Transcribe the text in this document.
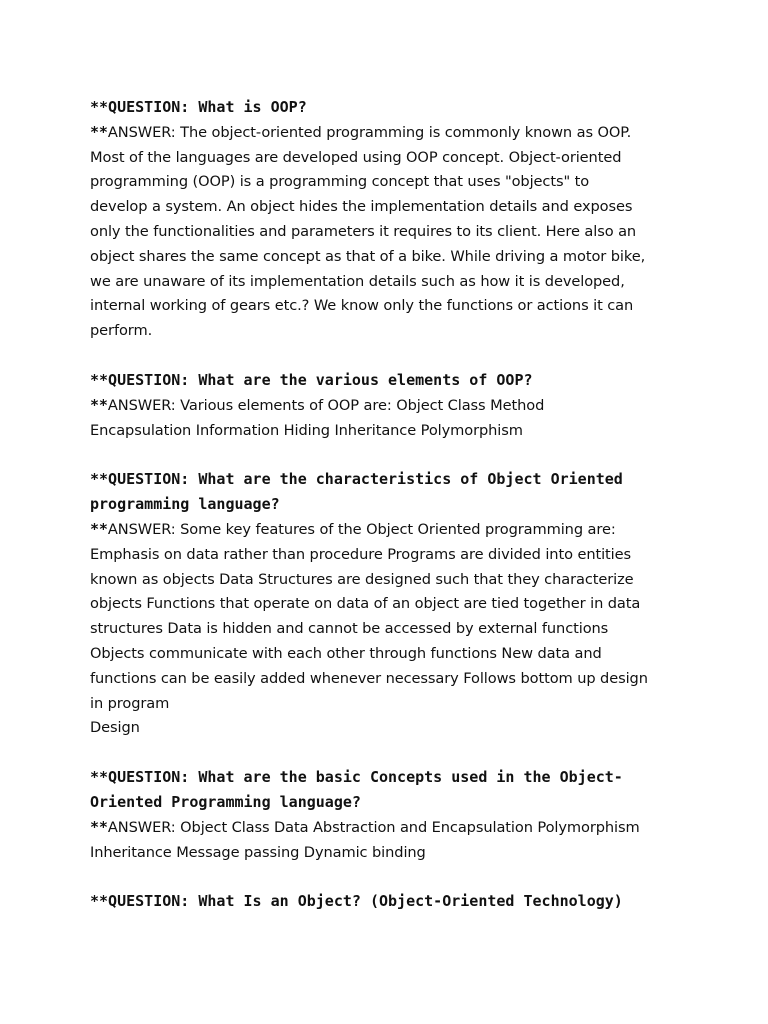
**QUESTION: What is OOP?

**ANSWER: The object-oriented programming is commonly known as OOP.
Most of the languages are developed using OOP concept. Object-oriented
programming (OOP) is a programming concept that uses "objects" to
develop a system. An object hides the implementation details and exposes
only the functionalities and parameters it requires to its client. Here also an
object shares the same concept as that of a bike. While driving a motor bike,
we are unaware of its implementation details such as how it is developed,
internal working of gears etc.? We know only the functions or actions it can
perform.

**QUESTION: What are the various elements of OOP?

**ANSWER: Various elements of OOP are: Object Class Method
Encapsulation Information Hiding Inheritance Polymorphism

**QUESTION: What are the characteristics of Object Oriented
programming language?

**ANSWER: Some key features of the Object Oriented programming are:
Emphasis on data rather than procedure Programs are divided into entities
known as objects Data Structures are designed such that they characterize
objects Functions that operate on data of an object are tied together in data
structures Data is hidden and cannot be accessed by external functions
Objects communicate with each other through functions New data and
functions can be easily added whenever necessary Follows bottom up design
in program
Design

**QUESTION: What are the basic Concepts used in the Object-
Oriented Programming language?

**ANSWER: Object Class Data Abstraction and Encapsulation Polymorphism
Inheritance Message passing Dynamic binding

**QUESTION: What Is an Object? (Object-Oriented Technology)
